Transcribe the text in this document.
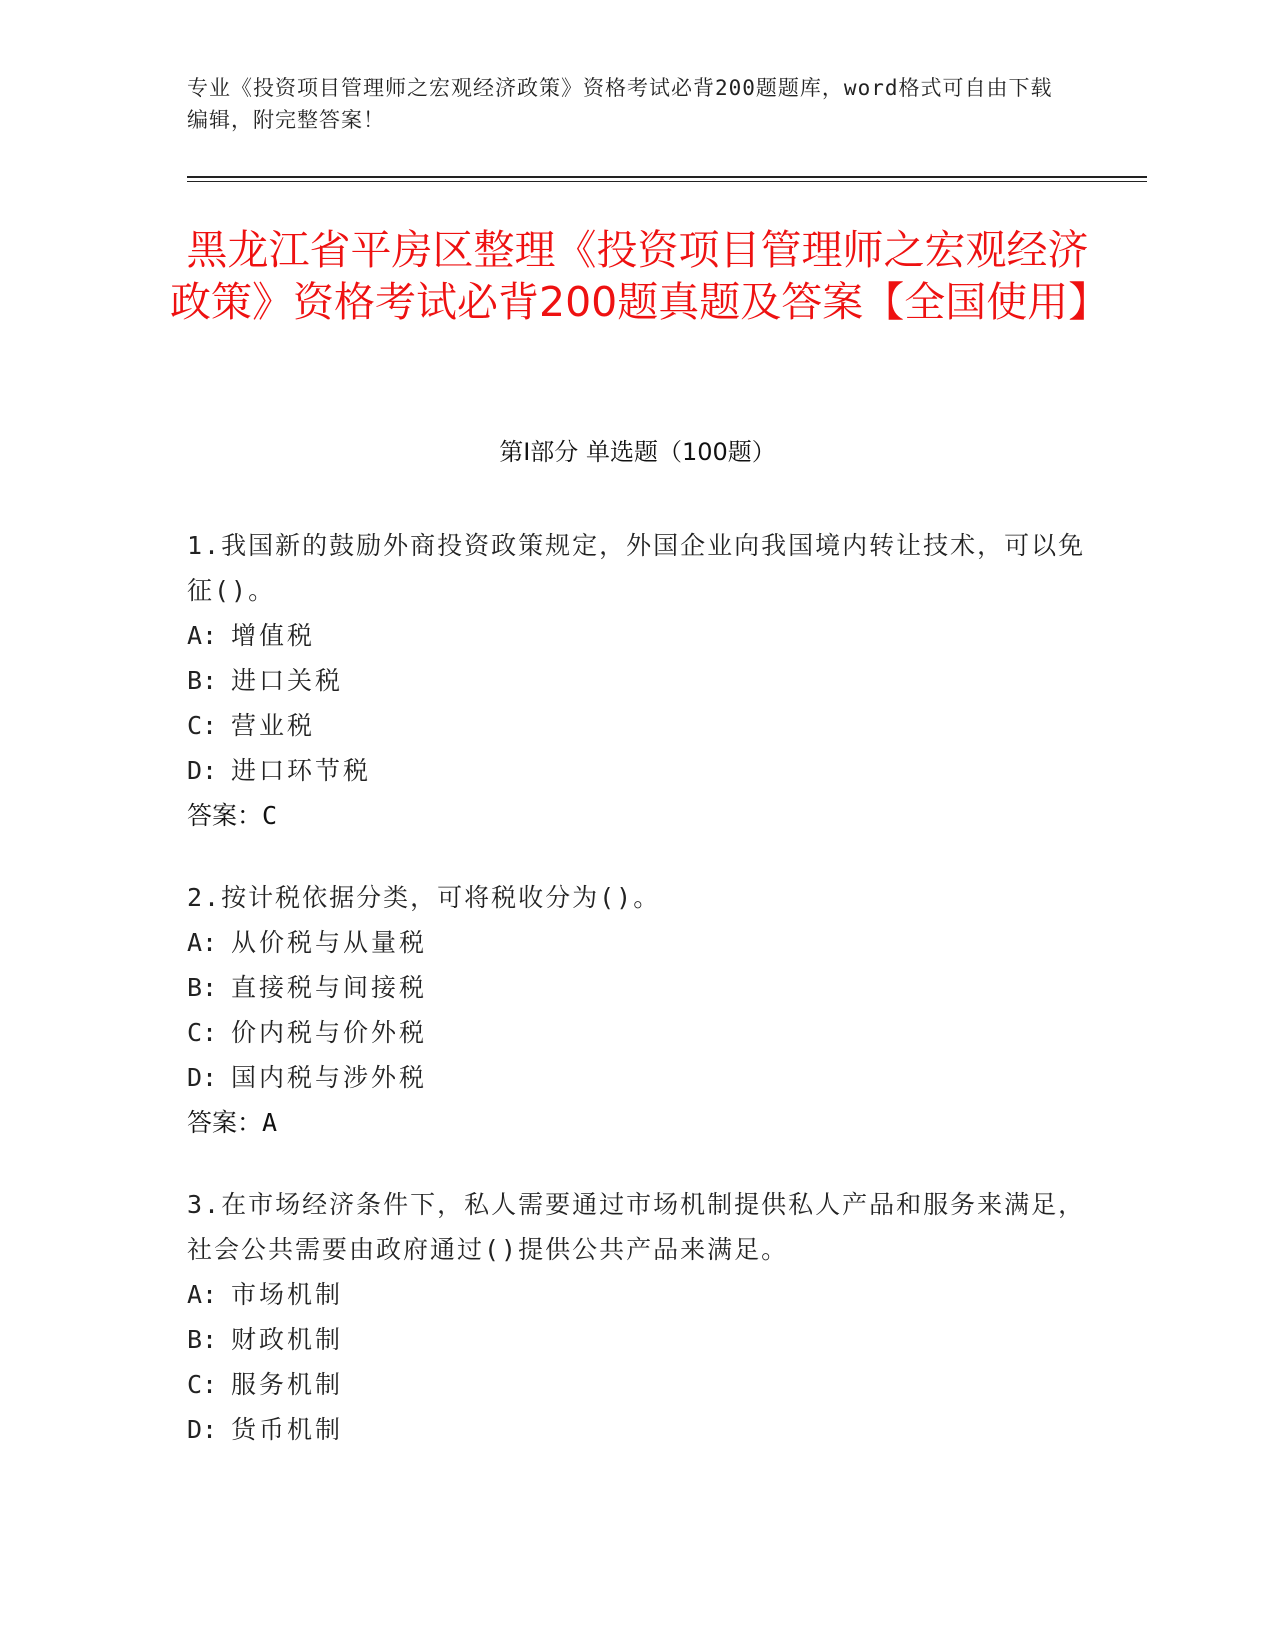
专业《投资项目管理师之宏观经济政策》资格考试必背200题题库，word格式可自由下载编辑，附完整答案！
黑龙江省平房区整理《投资项目管理师之宏观经济政策》资格考试必背200题真题及答案【全国使用】
第I部分 单选题（100题）

1.我国新的鼓励外商投资政策规定，外国企业向我国境内转让技术，可以免征()。

A: 增值税

B: 进口关税

C: 营业税

D: 进口环节税

答案：C

2.按计税依据分类，可将税收分为()。

A: 从价税与从量税

B: 直接税与间接税

C: 价内税与价外税

D: 国内税与涉外税

答案：A

3.在市场经济条件下，私人需要通过市场机制提供私人产品和服务来满足，社会公共需要由政府通过()提供公共产品来满足。

A: 市场机制

B: 财政机制

C: 服务机制

D: 货币机制
